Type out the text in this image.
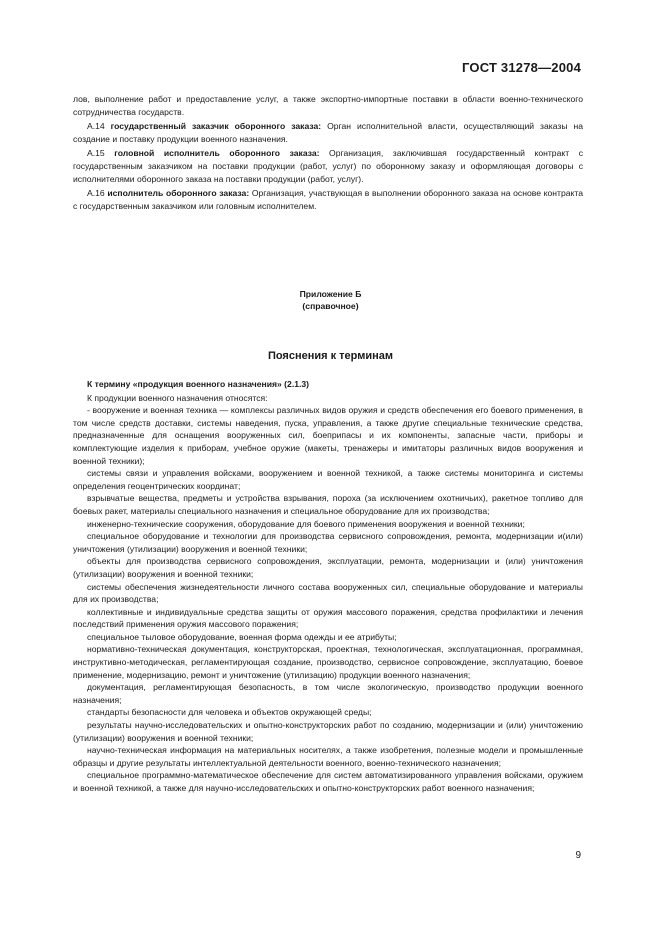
ГОСТ 31278—2004

лов, выполнение работ и предоставление услуг, а также экспортно-импортные поставки в области военно-технического сотрудничества государств.

А.14 государственный заказчик оборонного заказа: Орган исполнительной власти, осуществляющий заказы на создание и поставку продукции военного назначения.

А.15 головной исполнитель оборонного заказа: Организация, заключившая государственный контракт с государственным заказчиком на поставки продукции (работ, услуг) по оборонному заказу и оформляющая договоры с исполнителями оборонного заказа на поставки продукции (работ, услуг).

А.16 исполнитель оборонного заказа: Организация, участвующая в выполнении оборонного заказа на основе контракта с государственным заказчиком или головным исполнителем.

Приложение Б
(справочное)
Пояснения к терминам

К термину «продукция военного назначения» (2.1.3)

К продукции военного назначения относятся:

- вооружение и военная техника — комплексы различных видов оружия и средств обеспечения его боевого применения, в том числе средств доставки, системы наведения, пуска, управления, а также другие специальные технические средства, предназначенные для оснащения вооруженных сил, боеприпасы и их компоненты, запасные части, приборы и комплектующие изделия к приборам, учебное оружие (макеты, тренажеры и имитаторы различных видов вооружения и военной техники);

системы связи и управления войсками, вооружением и военной техникой, а также системы мониторинга и системы определения геоцентрических координат;

взрывчатые вещества, предметы и устройства взрывания, пороха (за исключением охотничьих), ракетное топливо для боевых ракет, материалы специального назначения и специальное оборудование для их производства;

инженерно-технические сооружения, оборудование для боевого применения вооружения и военной техники;

специальное оборудование и технологии для производства сервисного сопровождения, ремонта, модернизации и(или) уничтожения (утилизации) вооружения и военной техники;

объекты для производства сервисного сопровождения, эксплуатации, ремонта, модернизации и (или) уничтожения (утилизации) вооружения и военной техники;

системы обеспечения жизнедеятельности личного состава вооруженных сил, специальные оборудование и материалы для их производства;

коллективные и индивидуальные средства защиты от оружия массового поражения, средства профилактики и лечения последствий применения оружия массового поражения;

специальное тыловое оборудование, военная форма одежды и ее атрибуты;

нормативно-техническая документация, конструкторская, проектная, технологическая, эксплуатационная, программная, инструктивно-методическая, регламентирующая создание, производство, сервисное сопровождение, эксплуатацию, боевое применение, модернизацию, ремонт и уничтожение (утилизацию) продукции военного назначения;

документация, регламентирующая безопасность, в том числе экологическую, производство продукции военного назначения;

стандарты безопасности для человека и объектов окружающей среды;

результаты научно-исследовательских и опытно-конструкторских работ по созданию, модернизации и (или) уничтожению (утилизации) вооружения и военной техники;

научно-техническая информация на материальных носителях, а также изобретения, полезные модели и промышленные образцы и другие результаты интеллектуальной деятельности военного, военно-технического назначения;

специальное программно-математическое обеспечение для систем автоматизированного управления войсками, оружием и военной техникой, а также для научно-исследовательских и опытно-конструкторских работ военного назначения;

9
